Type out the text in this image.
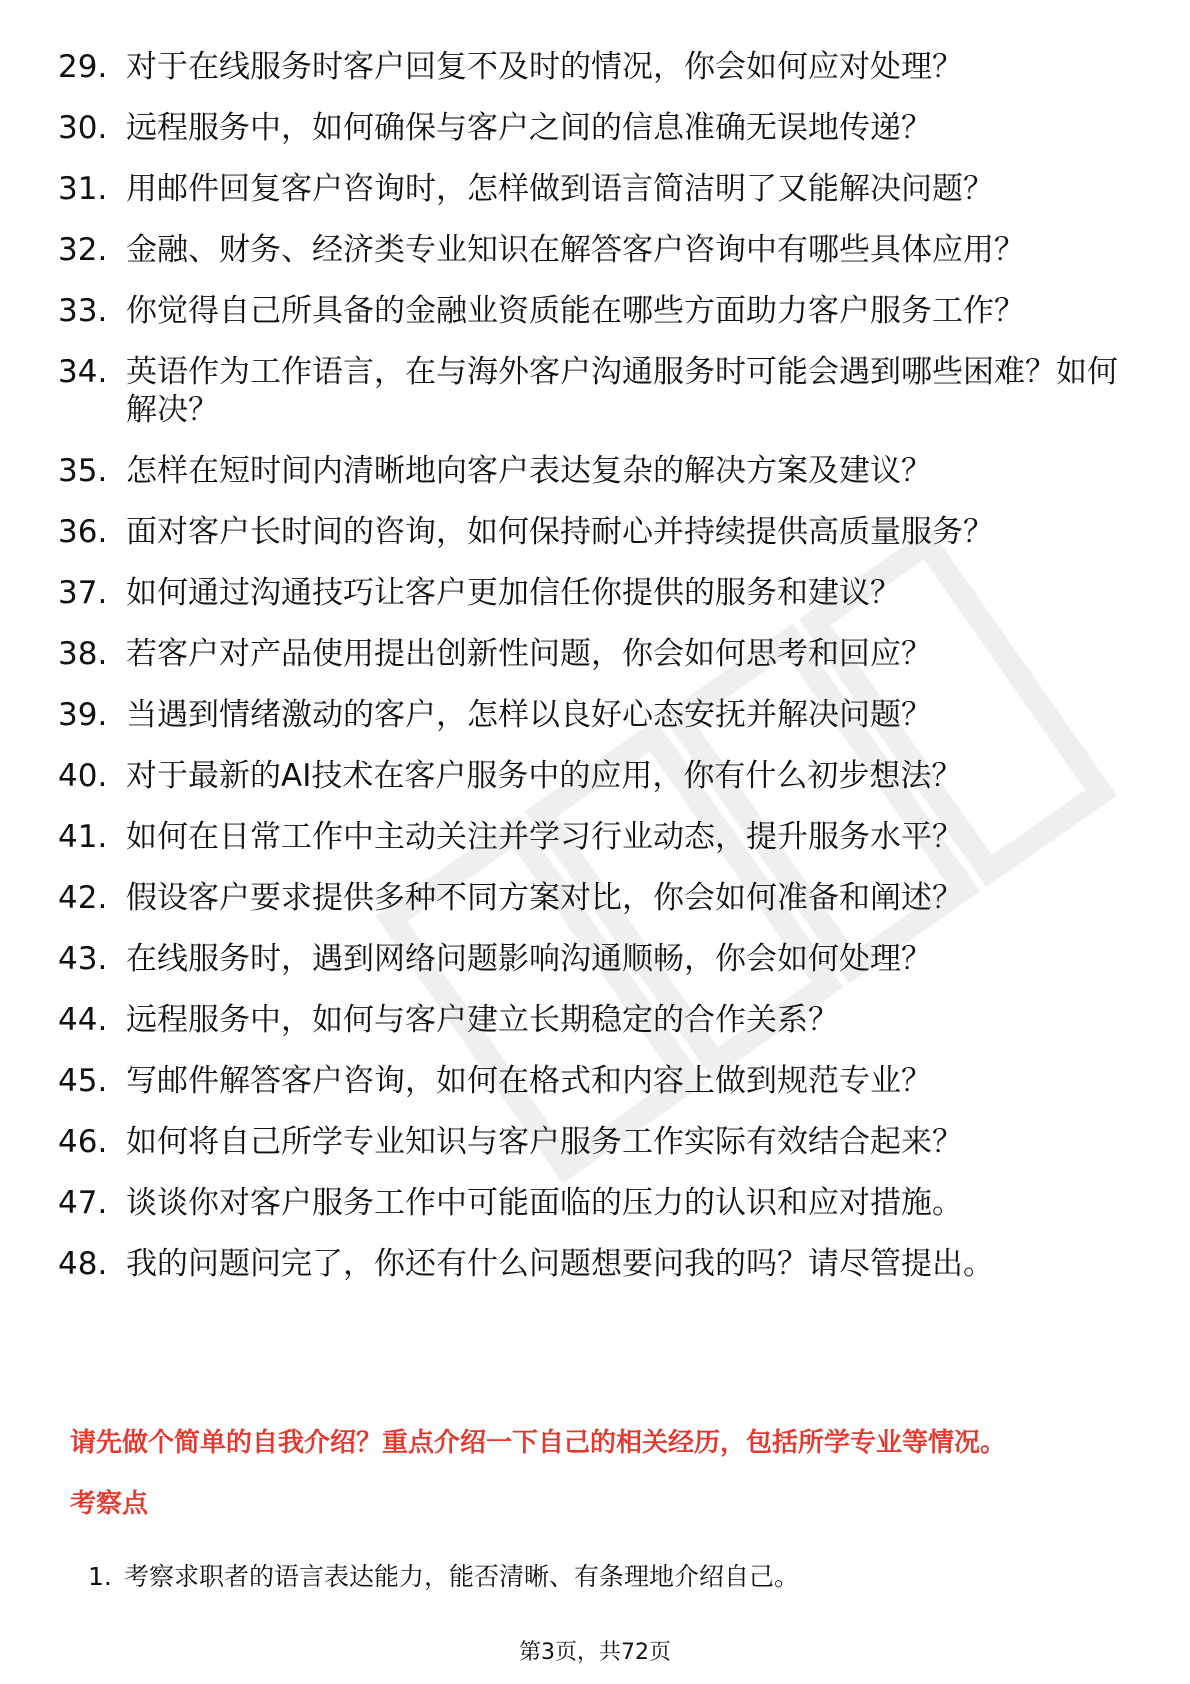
29. 对于在线服务时客户回复不及时的情况，你会如何应对处理？
30. 远程服务中，如何确保与客户之间的信息准确无误地传递？
31. 用邮件回复客户咨询时，怎样做到语言简洁明了又能解决问题？
32. 金融、财务、经济类专业知识在解答客户咨询中有哪些具体应用？
33. 你觉得自己所具备的金融业资质能在哪些方面助力客户服务工作？
34. 英语作为工作语言，在与海外客户沟通服务时可能会遇到哪些困难？如何解决？
35. 怎样在短时间内清晰地向客户表达复杂的解决方案及建议？
36. 面对客户长时间的咨询，如何保持耐心并持续提供高质量服务？
37. 如何通过沟通技巧让客户更加信任你提供的服务和建议？
38. 若客户对产品使用提出创新性问题，你会如何思考和回应？
39. 当遇到情绪激动的客户，怎样以良好心态安抚并解决问题？
40. 对于最新的AI技术在客户服务中的应用，你有什么初步想法？
41. 如何在日常工作中主动关注并学习行业动态，提升服务水平？
42. 假设客户要求提供多种不同方案对比，你会如何准备和阐述？
43. 在线服务时，遇到网络问题影响沟通顺畅，你会如何处理？
44. 远程服务中，如何与客户建立长期稳定的合作关系？
45. 写邮件解答客户咨询，如何在格式和内容上做到规范专业？
46. 如何将自己所学专业知识与客户服务工作实际有效结合起来？
47. 谈谈你对客户服务工作中可能面临的压力的认识和应对措施。
48. 我的问题问完了，你还有什么问题想要问我的吗？请尽管提出。
请先做个简单的自我介绍？重点介绍一下自己的相关经历，包括所学专业等情况。
考察点
1. 考察求职者的语言表达能力，能否清晰、有条理地介绍自己。
第3页，共72页
